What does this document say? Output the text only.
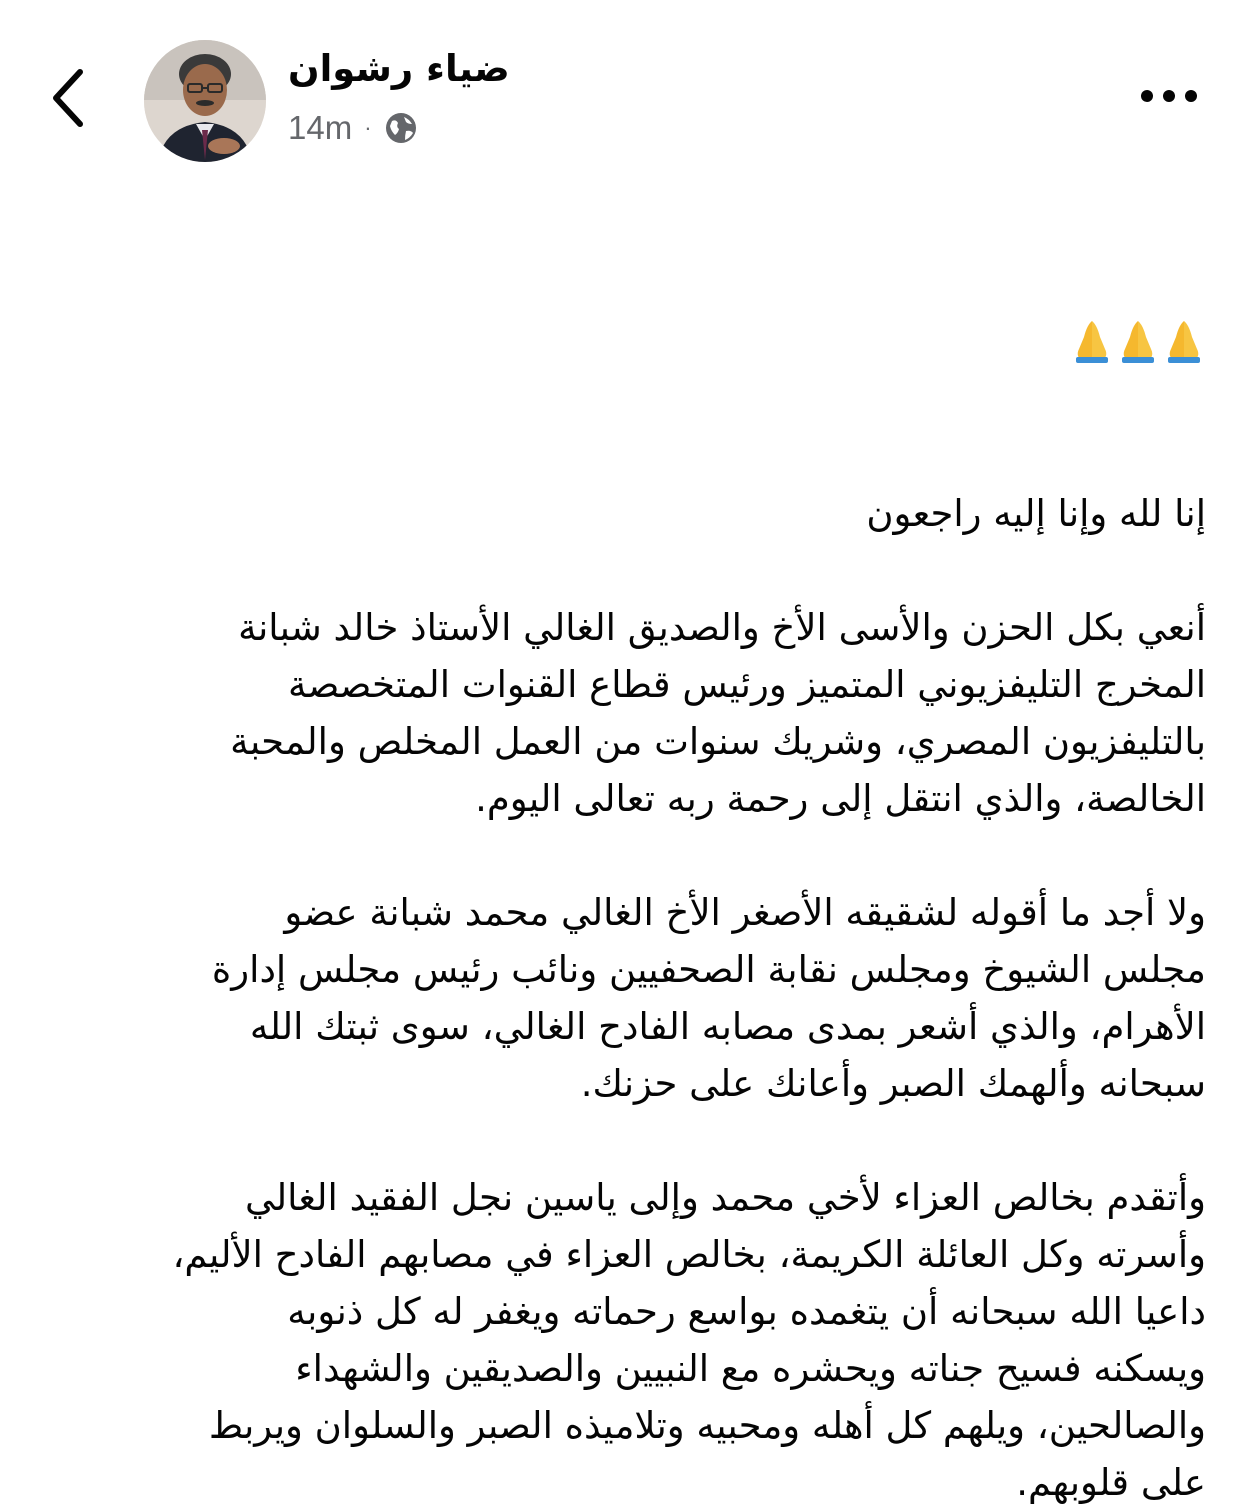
ضياء رشوان
14m ·

إنا لله وإنا إليه راجعون

أنعي بكل الحزن والأسى الأخ والصديق الغالي الأستاذ خالد شبانة
المخرج التليفزيوني المتميز ورئيس قطاع القنوات المتخصصة
بالتليفزيون المصري، وشريك سنوات من العمل المخلص والمحبة
الخالصة، والذي انتقل إلى رحمة ربه تعالى اليوم.

ولا أجد ما أقوله لشقيقه الأصغر الأخ الغالي محمد شبانة عضو
مجلس الشيوخ ومجلس نقابة الصحفيين ونائب رئيس مجلس إدارة
الأهرام، والذي أشعر بمدى مصابه الفادح الغالي، سوى ثبتك الله
سبحانه وألهمك الصبر وأعانك على حزنك.

وأتقدم بخالص العزاء لأخي محمد وإلى ياسين نجل الفقيد الغالي
وأسرته وكل العائلة الكريمة، بخالص العزاء في مصابهم الفادح الأليم،
داعيا الله سبحانه أن يتغمده بواسع رحماته ويغفر له كل ذنوبه
ويسكنه فسيح جناته ويحشره مع النبيين والصديقين والشهداء
والصالحين، ويلهم كل أهله ومحبيه وتلاميذه الصبر والسلوان ويربط
على قلوبهم.
